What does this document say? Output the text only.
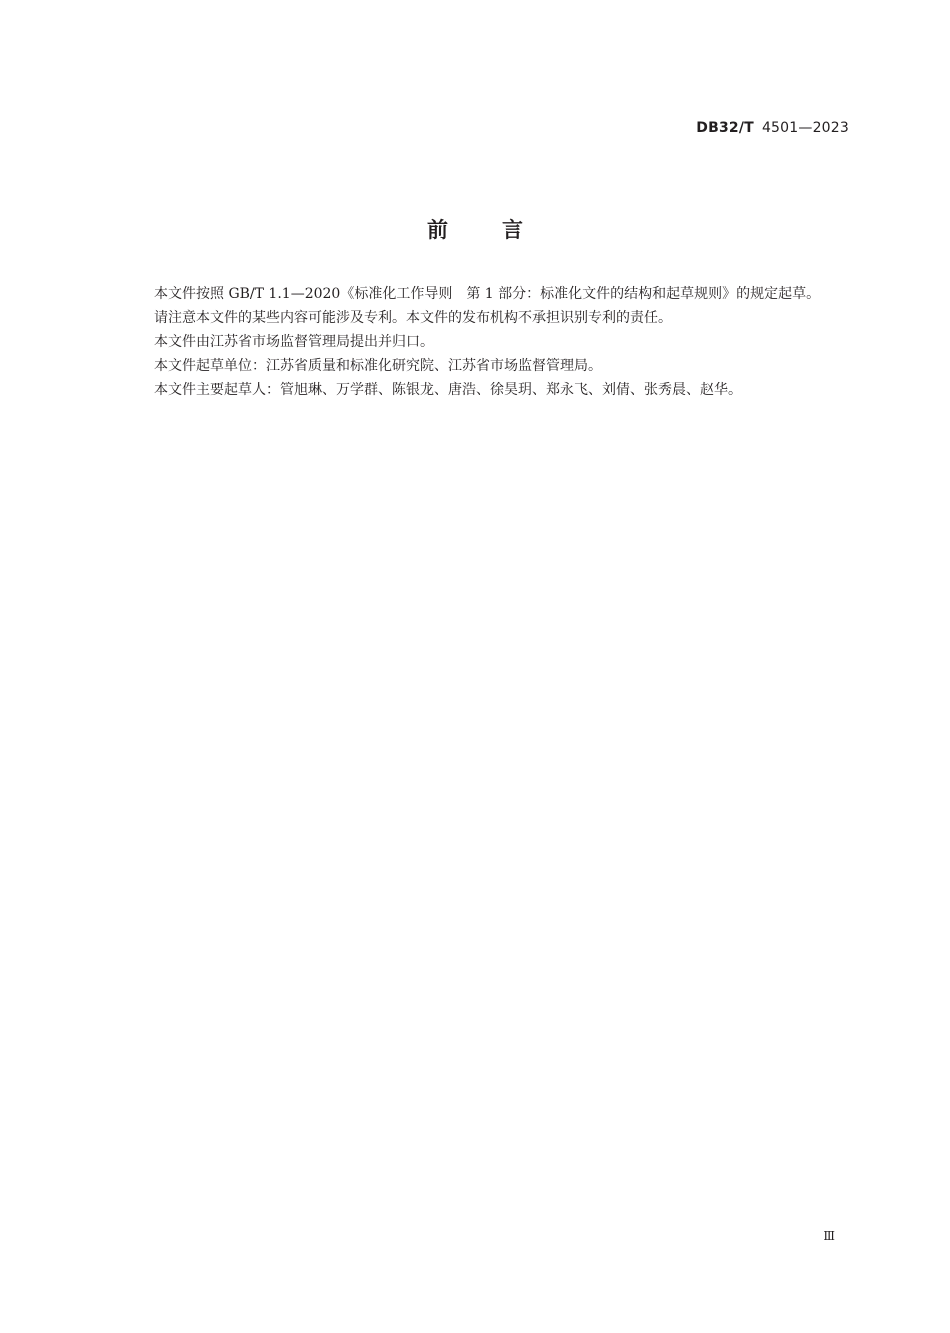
DB32/T 4501—2023
前言

本文件按照 GB/T 1.1—2020《标准化工作导则　第 1 部分：标准化文件的结构和起草规则》的规定起草。

请注意本文件的某些内容可能涉及专利。本文件的发布机构不承担识别专利的责任。

本文件由江苏省市场监督管理局提出并归口。

本文件起草单位：江苏省质量和标准化研究院、江苏省市场监督管理局。

本文件主要起草人：管旭琳、万学群、陈银龙、唐浩、徐昊玥、郑永飞、刘倩、张秀晨、赵华。

Ⅲ
